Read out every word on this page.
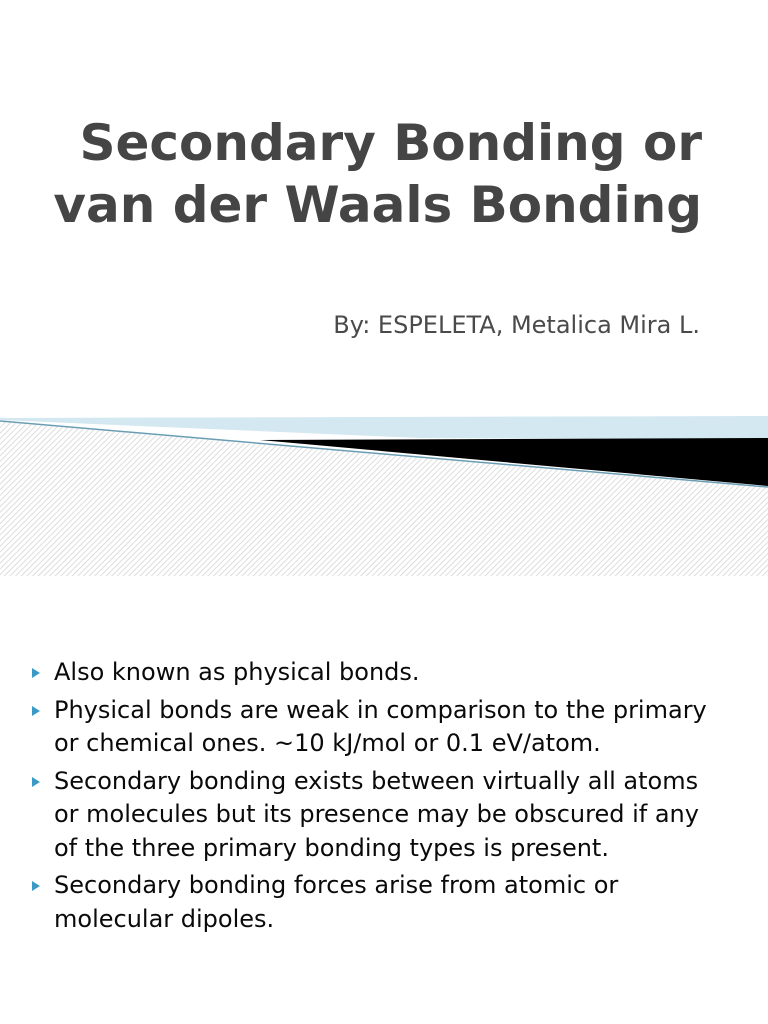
Secondary Bonding or van der Waals Bonding

By: ESPELETA, Metalica Mira L.

Also known as physical bonds.
Physical bonds are weak in comparison to the primary or chemical ones. ~10 kJ/mol or 0.1 eV/atom.
Secondary bonding exists between virtually all atoms or molecules but its presence may be obscured if any of the three primary bonding types is present.
Secondary bonding forces arise from atomic or molecular dipoles.
